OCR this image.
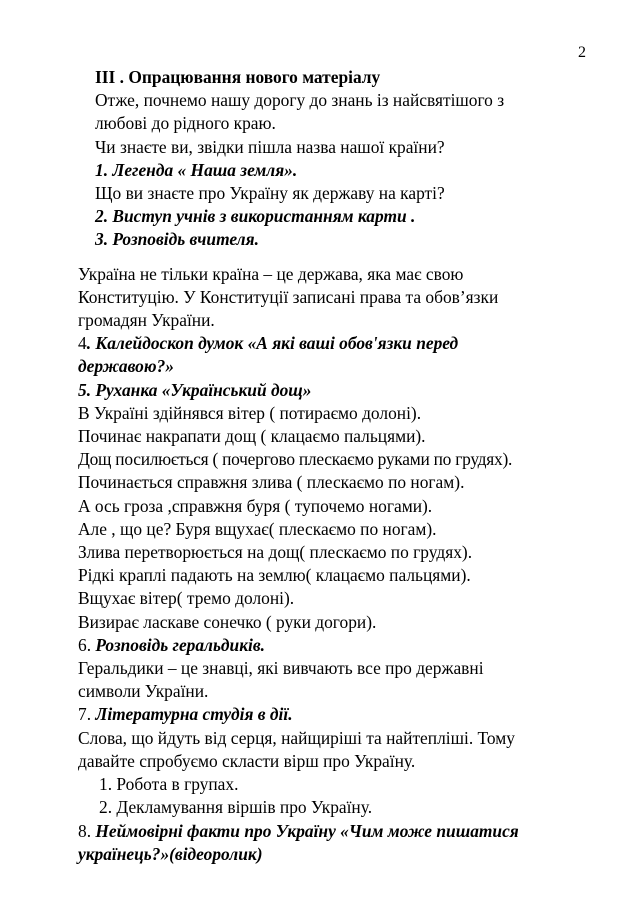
2
ІІІ . Опрацювання нового матеріалу
Отже, почнемо нашу дорогу до знань із найсвятішого з
любові до рідного краю.
Чи знаєте ви, звідки пішла назва нашої країни?
1. Легенда « Наша земля».
Що ви знаєте про Україну як державу на карті?
2. Виступ учнів з використанням карти .
3. Розповідь вчителя.
Україна не тільки країна – це держава, яка має свою
Конституцію. У Конституції записані права та обов’язки
громадян України.
4. Калейдоскоп думок «А які ваші обов'язки перед
державою?»
5. Руханка «Український дощ»
В Україні здійнявся вітер ( потираємо долоні).
Починає накрапати дощ ( клацаємо пальцями).
Дощ посилюється ( почергово плескаємо руками по грудях).
Починається справжня злива ( плескаємо по ногам).
А ось гроза ,справжня буря ( тупочемо ногами).
Але , що це? Буря вщухає( плескаємо по ногам).
Злива перетворюється на дощ( плескаємо по грудях).
Рідкі краплі падають на землю( клацаємо пальцями).
Вщухає вітер( тремо долоні).
Визирає ласкаве сонечко ( руки догори).
6. Розповідь геральдиків.
Геральдики – це знавці, які вивчають все про державні
символи України.
7. Літературна студія в дії.
Слова, що йдуть від серця, найщиріші та найтепліші. Тому
давайте спробуємо скласти вірш про Україну.
1. Робота в групах.
2. Декламування віршів про Україну.
8. Неймовірні факти про Україну «Чим може пишатися
українець?»(відеоролик)
